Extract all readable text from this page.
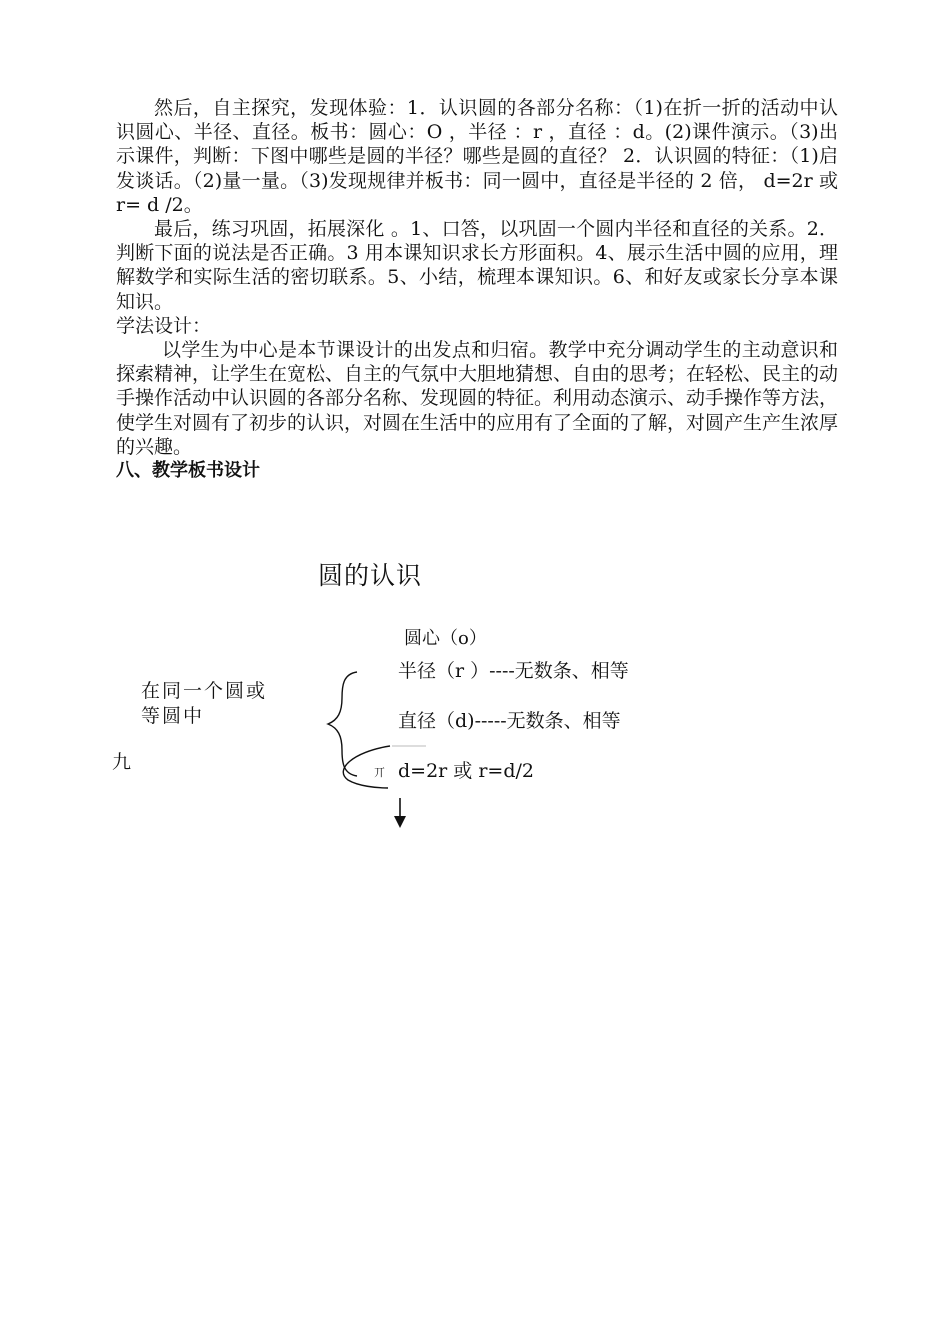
然后，自主探究，发现体验：1．认识圆的各部分名称：（1)在折一折的活动中认识圆心、半径、直径。板书：圆心：O ，半径 ：r ，直径 ：d。(2)课件演示。（3)出示课件，判断：下图中哪些是圆的半径？哪些是圆的直径？ 2．认识圆的特征：（1)启发谈话。（2)量一量。（3)发现规律并板书：同一圆中，直径是半径的 2 倍， d=2r 或 r= d /2。

最后，练习巩固，拓展深化 。1、口答，以巩固一个圆内半径和直径的关系。2．判断下面的说法是否正确。3 用本课知识求长方形面积。4、展示生活中圆的应用，理解数学和实际生活的密切联系。5、小结，梳理本课知识。6、和好友或家长分享本课知识。

学法设计：

以学生为中心是本节课设计的出发点和归宿。教学中充分调动学生的主动意识和探索精神，让学生在宽松、自主的气氛中大胆地猜想、自由的思考；在轻松、民主的动手操作活动中认识圆的各部分名称、发现圆的特征。利用动态演示、动手操作等方法，使学生对圆有了初步的认识，对圆在生活中的应用有了全面的了解，对圆产生产生浓厚的兴趣。

八、教学板书设计

圆的认识
圆心（o）
半径（r ）----无数条、相等
直径（d)-----无数条、相等
d=2r 或 r=d/2
在同一个圆或
等圆中
丌
九
